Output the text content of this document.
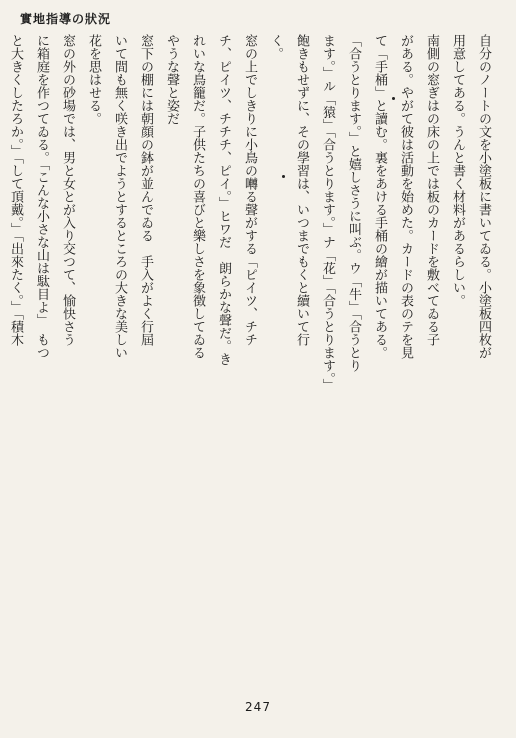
實地指導の狀況
自分のノートの文を小塗板に書いてゐる。小塗板四枚が
用意してある。うんと書く材料があるらしい。
南側の窓ぎはの床の上では板のカードを敷べてゐる子
がある。やがて彼は活動を始めた。カードの表のテを見
て「手桶」と讀む。裏をあける手桶の繪が描いてある。
「合うとります。」と嬉しさうに叫ぶ。ウ「牛」「合うとり
ます。」ル「猿」「合うとります。」ナ「花」「合うとります。」
飽きもせずに、その學習は、いつまでもくと續いて行
く。
窓の上でしきりに小鳥の囀る聲がする「ピイツ、チチ
チ、ピイツ、チチチ、ピイ。」ヒワだ　朗らかな聲だ。き
れいな鳥籠だ。子供たちの喜びと樂しさを象徴してゐる
やうな聲と姿だ
窓下の棚には朝顔の鉢が並んでゐる　手入がよく行屆
いて間も無く咲き出でようとするところの大きな美しい
花を思はせる。
窓の外の砂場では、男と女とが入り交つて、愉快さう
に箱庭を作つてゐる。「こんな小さな山は駄目よ」　もつ
と大きくしたろか。」「して頂戴。」「出來たく。」「積木
247
